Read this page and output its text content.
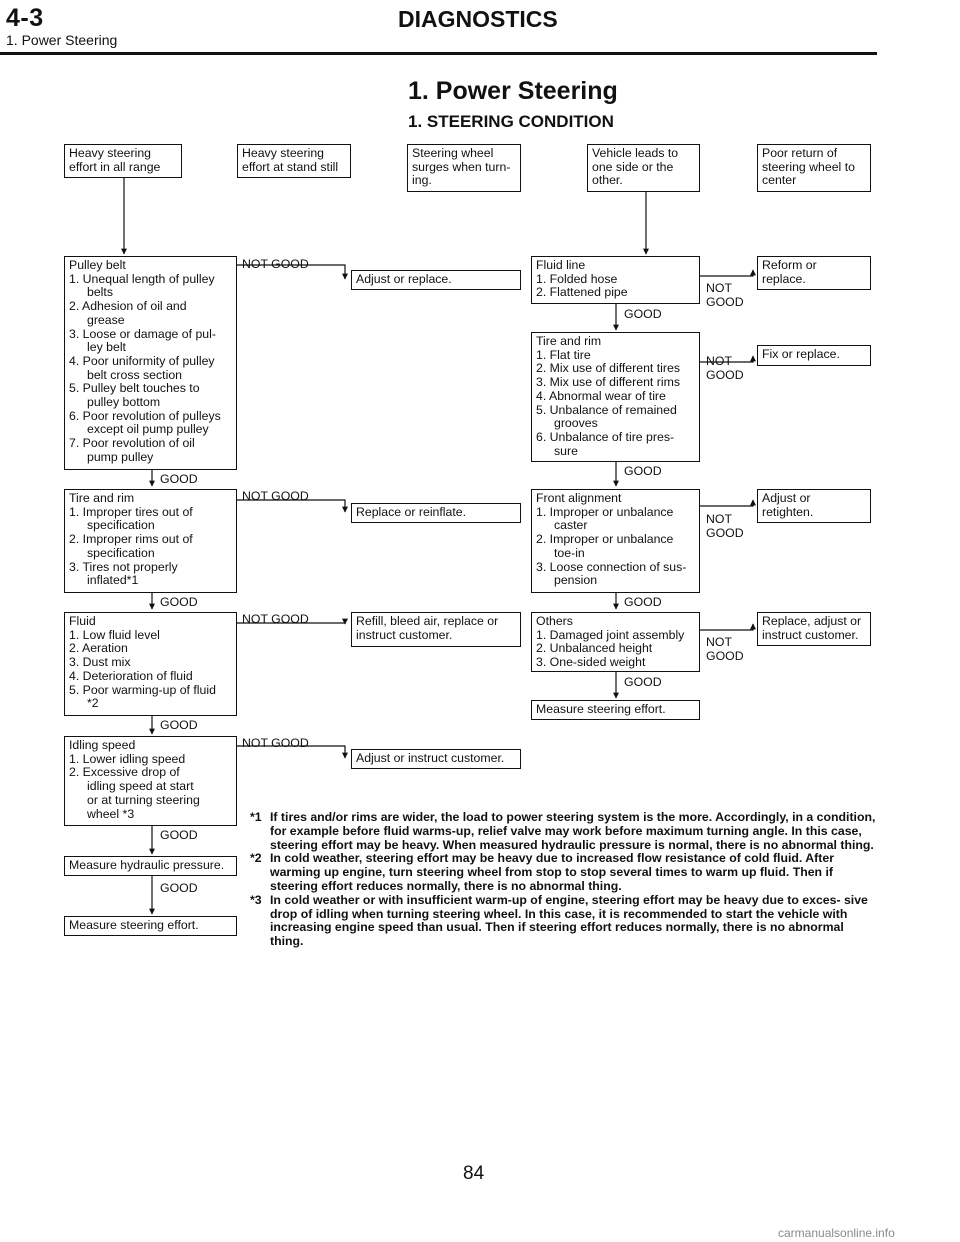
4-3	DIAGNOSTICS
1. Power Steering
1. Power Steering
1. STEERING CONDITION
Heavy steering
effort in all range
Heavy steering
effort at stand still
Steering wheel
surges when turn-
ing.
Vehicle leads to
one side or the
other.
Poor return of
steering wheel to
center
Pulley belt
1. Unequal length of pulley
belts
2. Adhesion of oil and
grease
3. Loose or damage of pul-
ley belt
4. Poor uniformity of pulley
belt cross section
5. Pulley belt touches to
pulley bottom
6. Poor revolution of pulleys
except oil pump pulley
7. Poor revolution of oil
pump pulley
NOT GOOD
Adjust or replace.
GOOD
Tire and rim
1. Improper tires out of
specification
2. Improper rims out of
specification
3. Tires not properly
inflated*1
NOT GOOD
Replace or reinflate.
GOOD
Fluid
1. Low fluid level
2. Aeration
3. Dust mix
4. Deterioration of fluid
5. Poor warming-up of fluid
*2
NOT GOOD	Refill, bleed air, replace or
instruct customer.
GOOD
Idling speed
1. Lower idling speed
2. Excessive drop of
idling speed at start
or at turning steering
wheel *3
NOT GOOD
Adjust or instruct customer.
GOOD
Measure hydraulic pressure.
GOOD
Measure steering effort.
Fluid line
1. Folded hose
2. Flattened pipe	NOT
GOOD
Reform or
replace.
GOOD
Tire and rim
1. Flat tire
2. Mix use of different tires
3. Mix use of different rims
4. Abnormal wear of tire
5. Unbalance of remained
grooves
6. Unbalance of tire pres-
sure
NOT
GOOD
Fix or replace.
GOOD
Front alignment
1. Improper or unbalance
caster
2. Improper or unbalance
toe-in
3. Loose connection of sus-
pension
NOT
GOOD
Adjust or
retighten.
GOOD
Others
1. Damaged joint assembly
2. Unbalanced height
3. One-sided weight
NOT
GOOD
Replace, adjust or
instruct customer.
GOOD
Measure steering effort.

*1 If tires and/or rims are wider, the load to power steering system is the more. Accordingly, in a condition, for example before fluid warms-up, relief valve may work before maximum turning angle. In this case, steering effort may be heavy. When measured hydraulic pressure is normal, there is no abnormal thing.

*2 In cold weather, steering effort may be heavy due to increased flow resistance of cold fluid. After warming up engine, turn steering wheel from stop to stop several times to warm up fluid. Then if steering effort reduces normally, there is no abnormal thing.

*3 In cold weather or with insufficient warm-up of engine, steering effort may be heavy due to exces- sive drop of idling when turning steering wheel. In this case, it is recommended to start the vehicle with increasing engine speed than usual. Then if steering effort reduces normally, there is no abnormal thing.

84
carmanualsonline.info
